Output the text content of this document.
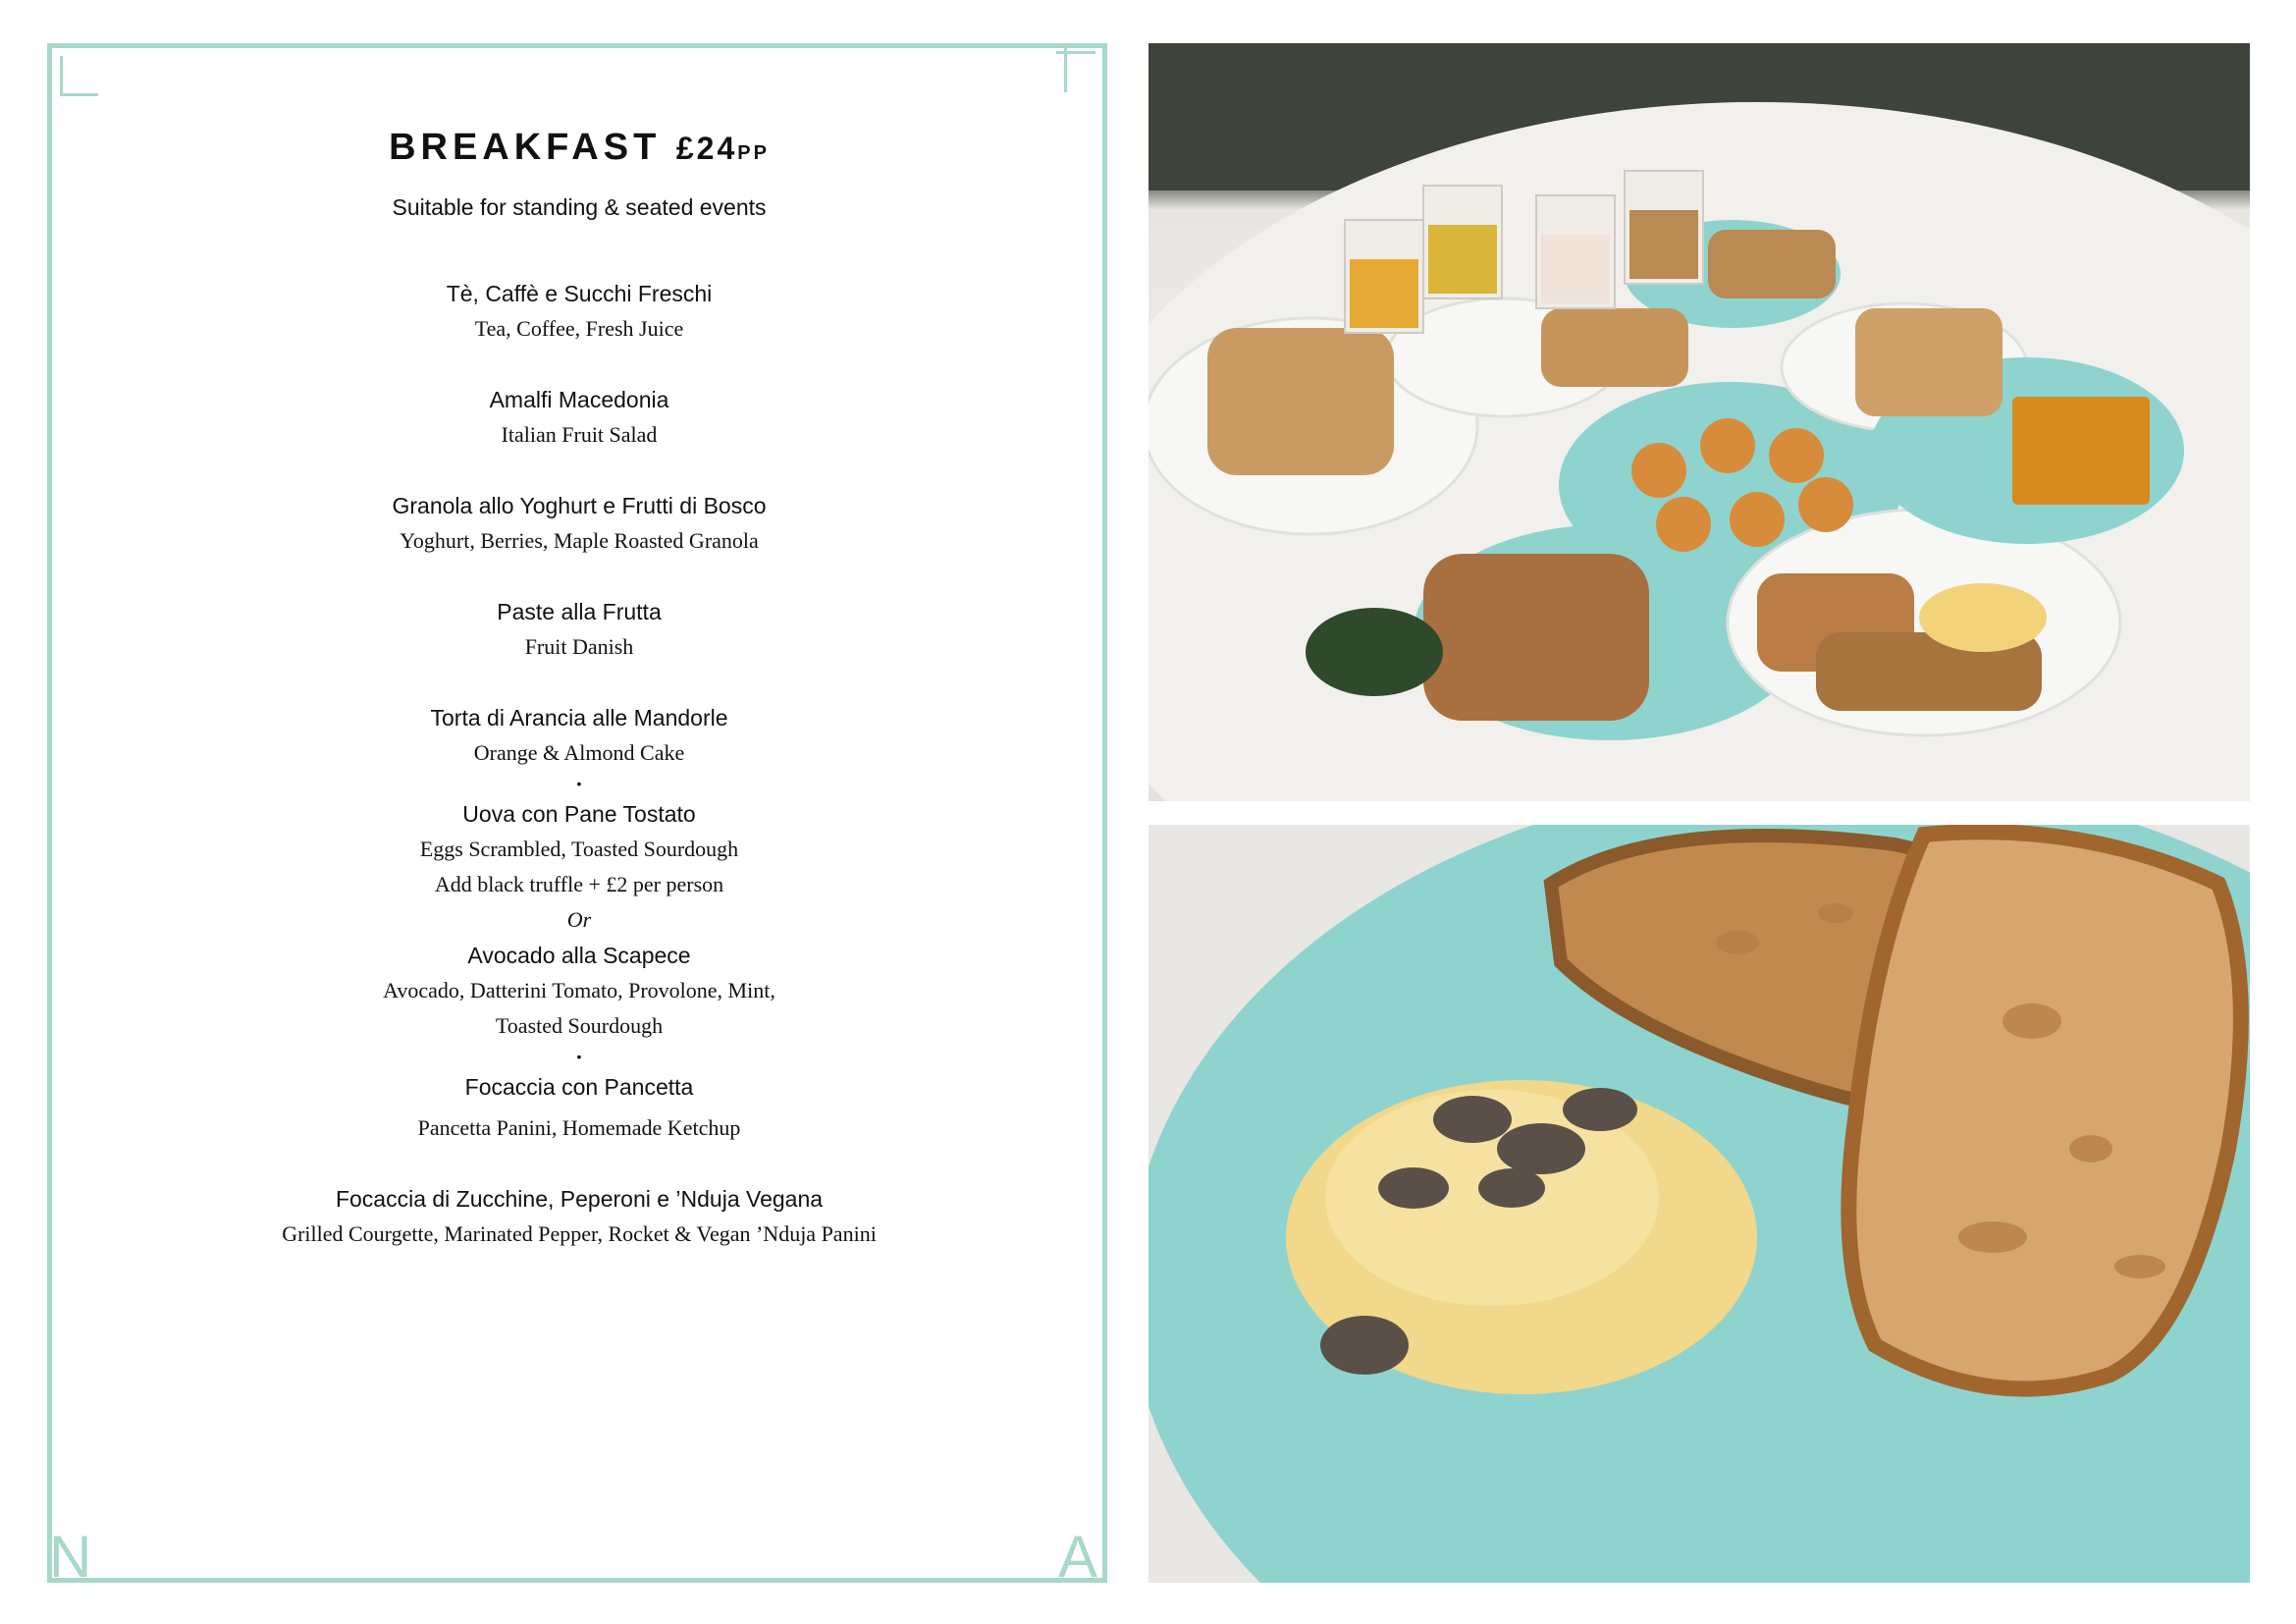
N	A
BREAKFAST £24PP
Suitable for standing & seated events
Tè, Caffè e Succhi Freschi
Tea, Coffee, Fresh Juice
Amalfi Macedonia
Italian Fruit Salad
Granola allo Yoghurt e Frutti di Bosco
Yoghurt, Berries, Maple Roasted Granola
Paste alla Frutta
Fruit Danish
Torta di Arancia alle Mandorle
Orange & Almond Cake
•
Uova con Pane Tostato
Eggs Scrambled, Toasted Sourdough
Add black truffle + £2 per person
Or
Avocado alla Scapece
Avocado, Datterini Tomato, Provolone, Mint,
Toasted Sourdough
•
Focaccia con Pancetta
Pancetta Panini, Homemade Ketchup
Focaccia di Zucchine, Peperoni e ’Nduja Vegana
Grilled Courgette, Marinated Pepper, Rocket & Vegan ’Nduja Panini
